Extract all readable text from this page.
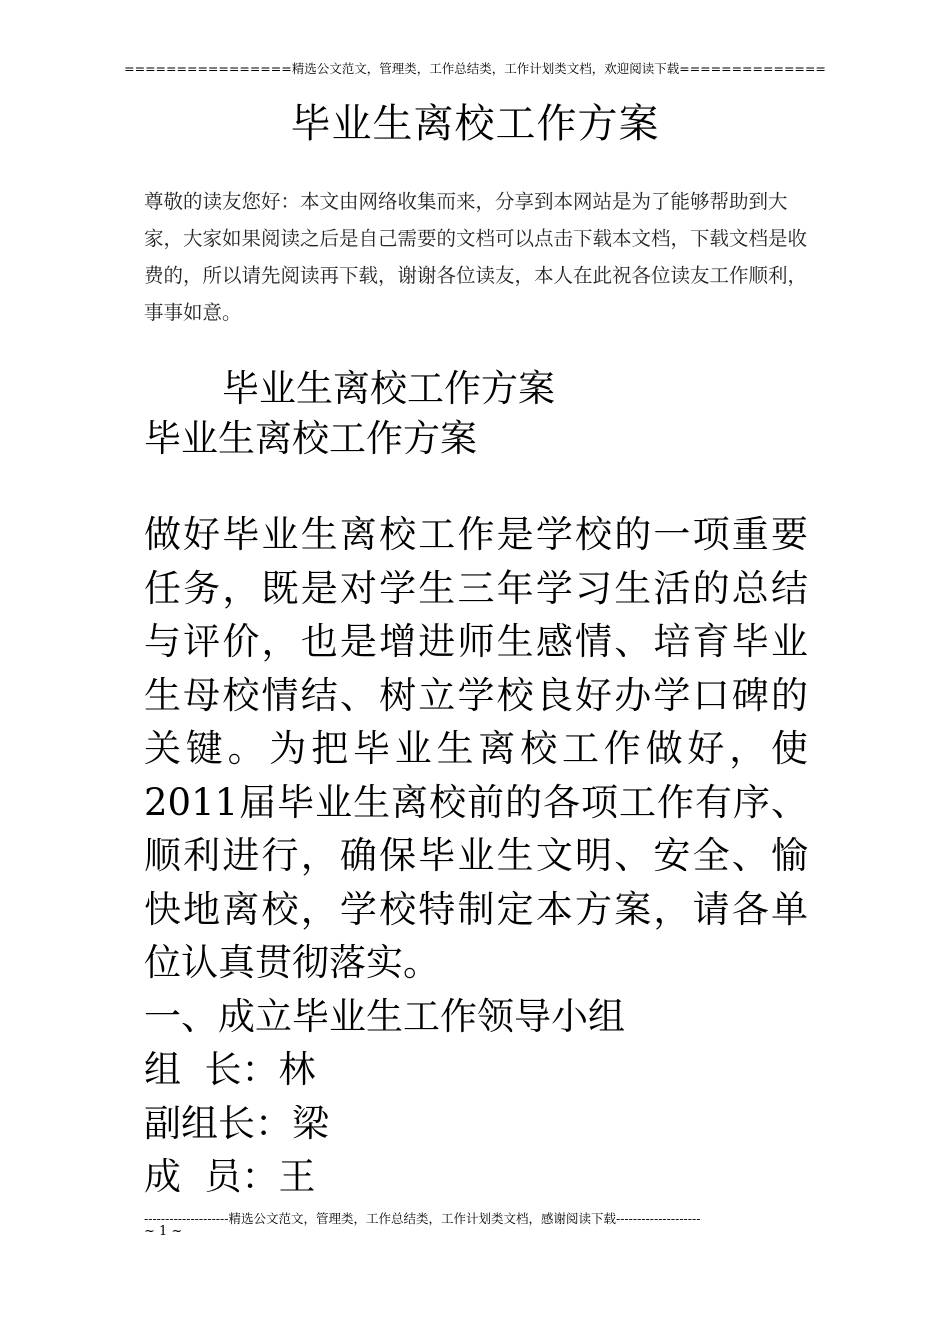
================精选公文范文，管理类，工作总结类，工作计划类文档，欢迎阅读下载==============
毕业生离校工作方案
尊敬的读友您好：本文由网络收集而来，分享到本网站是为了能够帮助到大家，大家如果阅读之后是自己需要的文档可以点击下载本文档，下载文档是收费的，所以请先阅读再下载，谢谢各位读友，本人在此祝各位读友工作顺利，事事如意。
毕业生离校工作方案
毕业生离校工作方案

做好毕业生离校工作是学校的一项重要任务，既是对学生三年学习生活的总结与评价，也是增进师生感情、培育毕业生母校情结、树立学校良好办学口碑的关键。为把毕业生离校工作做好，使2011届毕业生离校前的各项工作有序、顺利进行，确保毕业生文明、安全、愉快地离校，学校特制定本方案，请各单位认真贯彻落实。

一、成立毕业生工作领导小组

组  长：林

副组长：梁

成  员：王

--------------------精选公文范文，管理类，工作总结类，工作计划类文档，感谢阅读下载--------------------
~ 1 ~
